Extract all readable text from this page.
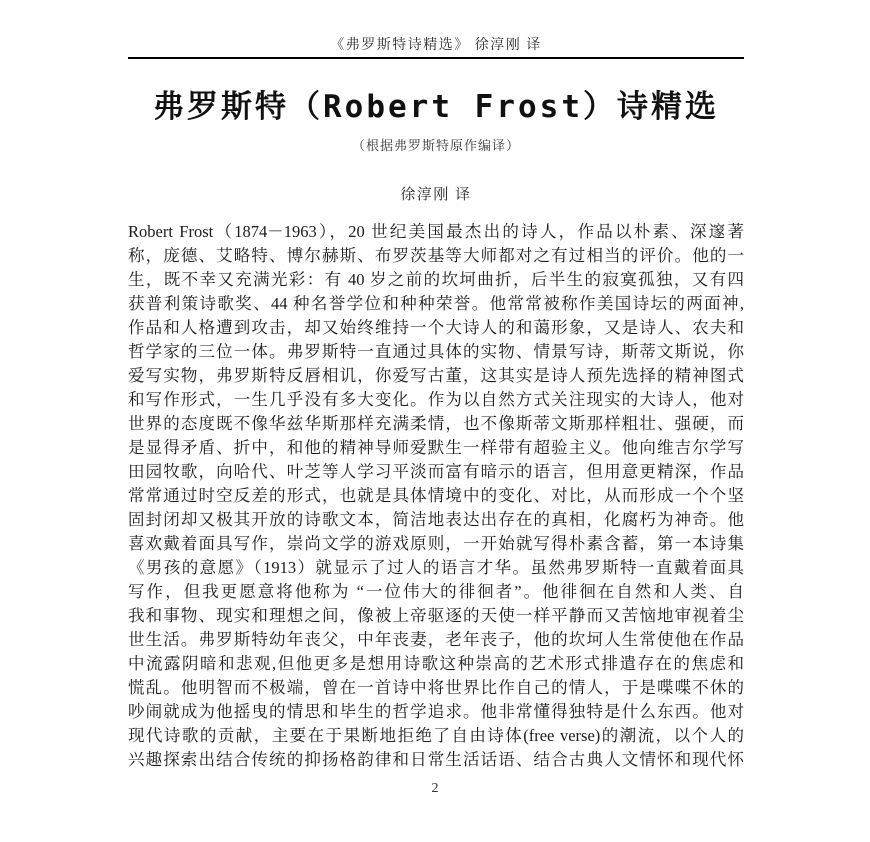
《弗罗斯特诗精选》 徐淳刚 译
弗罗斯特（Robert Frost）诗精选
（根据弗罗斯特原作编译）
徐淳刚 译
Robert Frost（1874－1963），20 世纪美国最杰出的诗人，作品以朴素、深邃著
称，庞德、艾略特、博尔赫斯、布罗茨基等大师都对之有过相当的评价。他的一
生，既不幸又充满光彩：有 40 岁之前的坎坷曲折，后半生的寂寞孤独，又有四
获普利策诗歌奖、44 种名誉学位和种种荣誉。他常常被称作美国诗坛的两面神,
作品和人格遭到攻击，却又始终维持一个大诗人的和蔼形象，又是诗人、农夫和
哲学家的三位一体。弗罗斯特一直通过具体的实物、情景写诗，斯蒂文斯说，你
爱写实物，弗罗斯特反唇相讥，你爱写古董，这其实是诗人预先选择的精神图式
和写作形式，一生几乎没有多大变化。作为以自然方式关注现实的大诗人，他对
世界的态度既不像华兹华斯那样充满柔情，也不像斯蒂文斯那样粗壮、强硬，而
是显得矛盾、折中，和他的精神导师爱默生一样带有超验主义。他向维吉尔学写
田园牧歌，向哈代、叶芝等人学习平淡而富有暗示的语言，但用意更精深，作品
常常通过时空反差的形式，也就是具体情境中的变化、对比，从而形成一个个坚
固封闭却又极其开放的诗歌文本，简洁地表达出存在的真相，化腐朽为神奇。他
喜欢戴着面具写作，崇尚文学的游戏原则，一开始就写得朴素含蓄，第一本诗集
《男孩的意愿》（1913）就显示了过人的语言才华。虽然弗罗斯特一直戴着面具
写作，但我更愿意将他称为 “一位伟大的徘徊者”。他徘徊在自然和人类、自
我和事物、现实和理想之间，像被上帝驱逐的天使一样平静而又苦恼地审视着尘
世生活。弗罗斯特幼年丧父，中年丧妻，老年丧子，他的坎坷人生常使他在作品
中流露阴暗和悲观,但他更多是想用诗歌这种崇高的艺术形式排遣存在的焦虑和
慌乱。他明智而不极端，曾在一首诗中将世界比作自己的情人，于是喋喋不休的
吵闹就成为他摇曳的情思和毕生的哲学追求。他非常懂得独特是什么东西。他对
现代诗歌的贡献，主要在于果断地拒绝了自由诗体(free verse)的潮流，以个人的
兴趣探索出结合传统的抑扬格韵律和日常生活话语、结合古典人文情怀和现代怀
2
